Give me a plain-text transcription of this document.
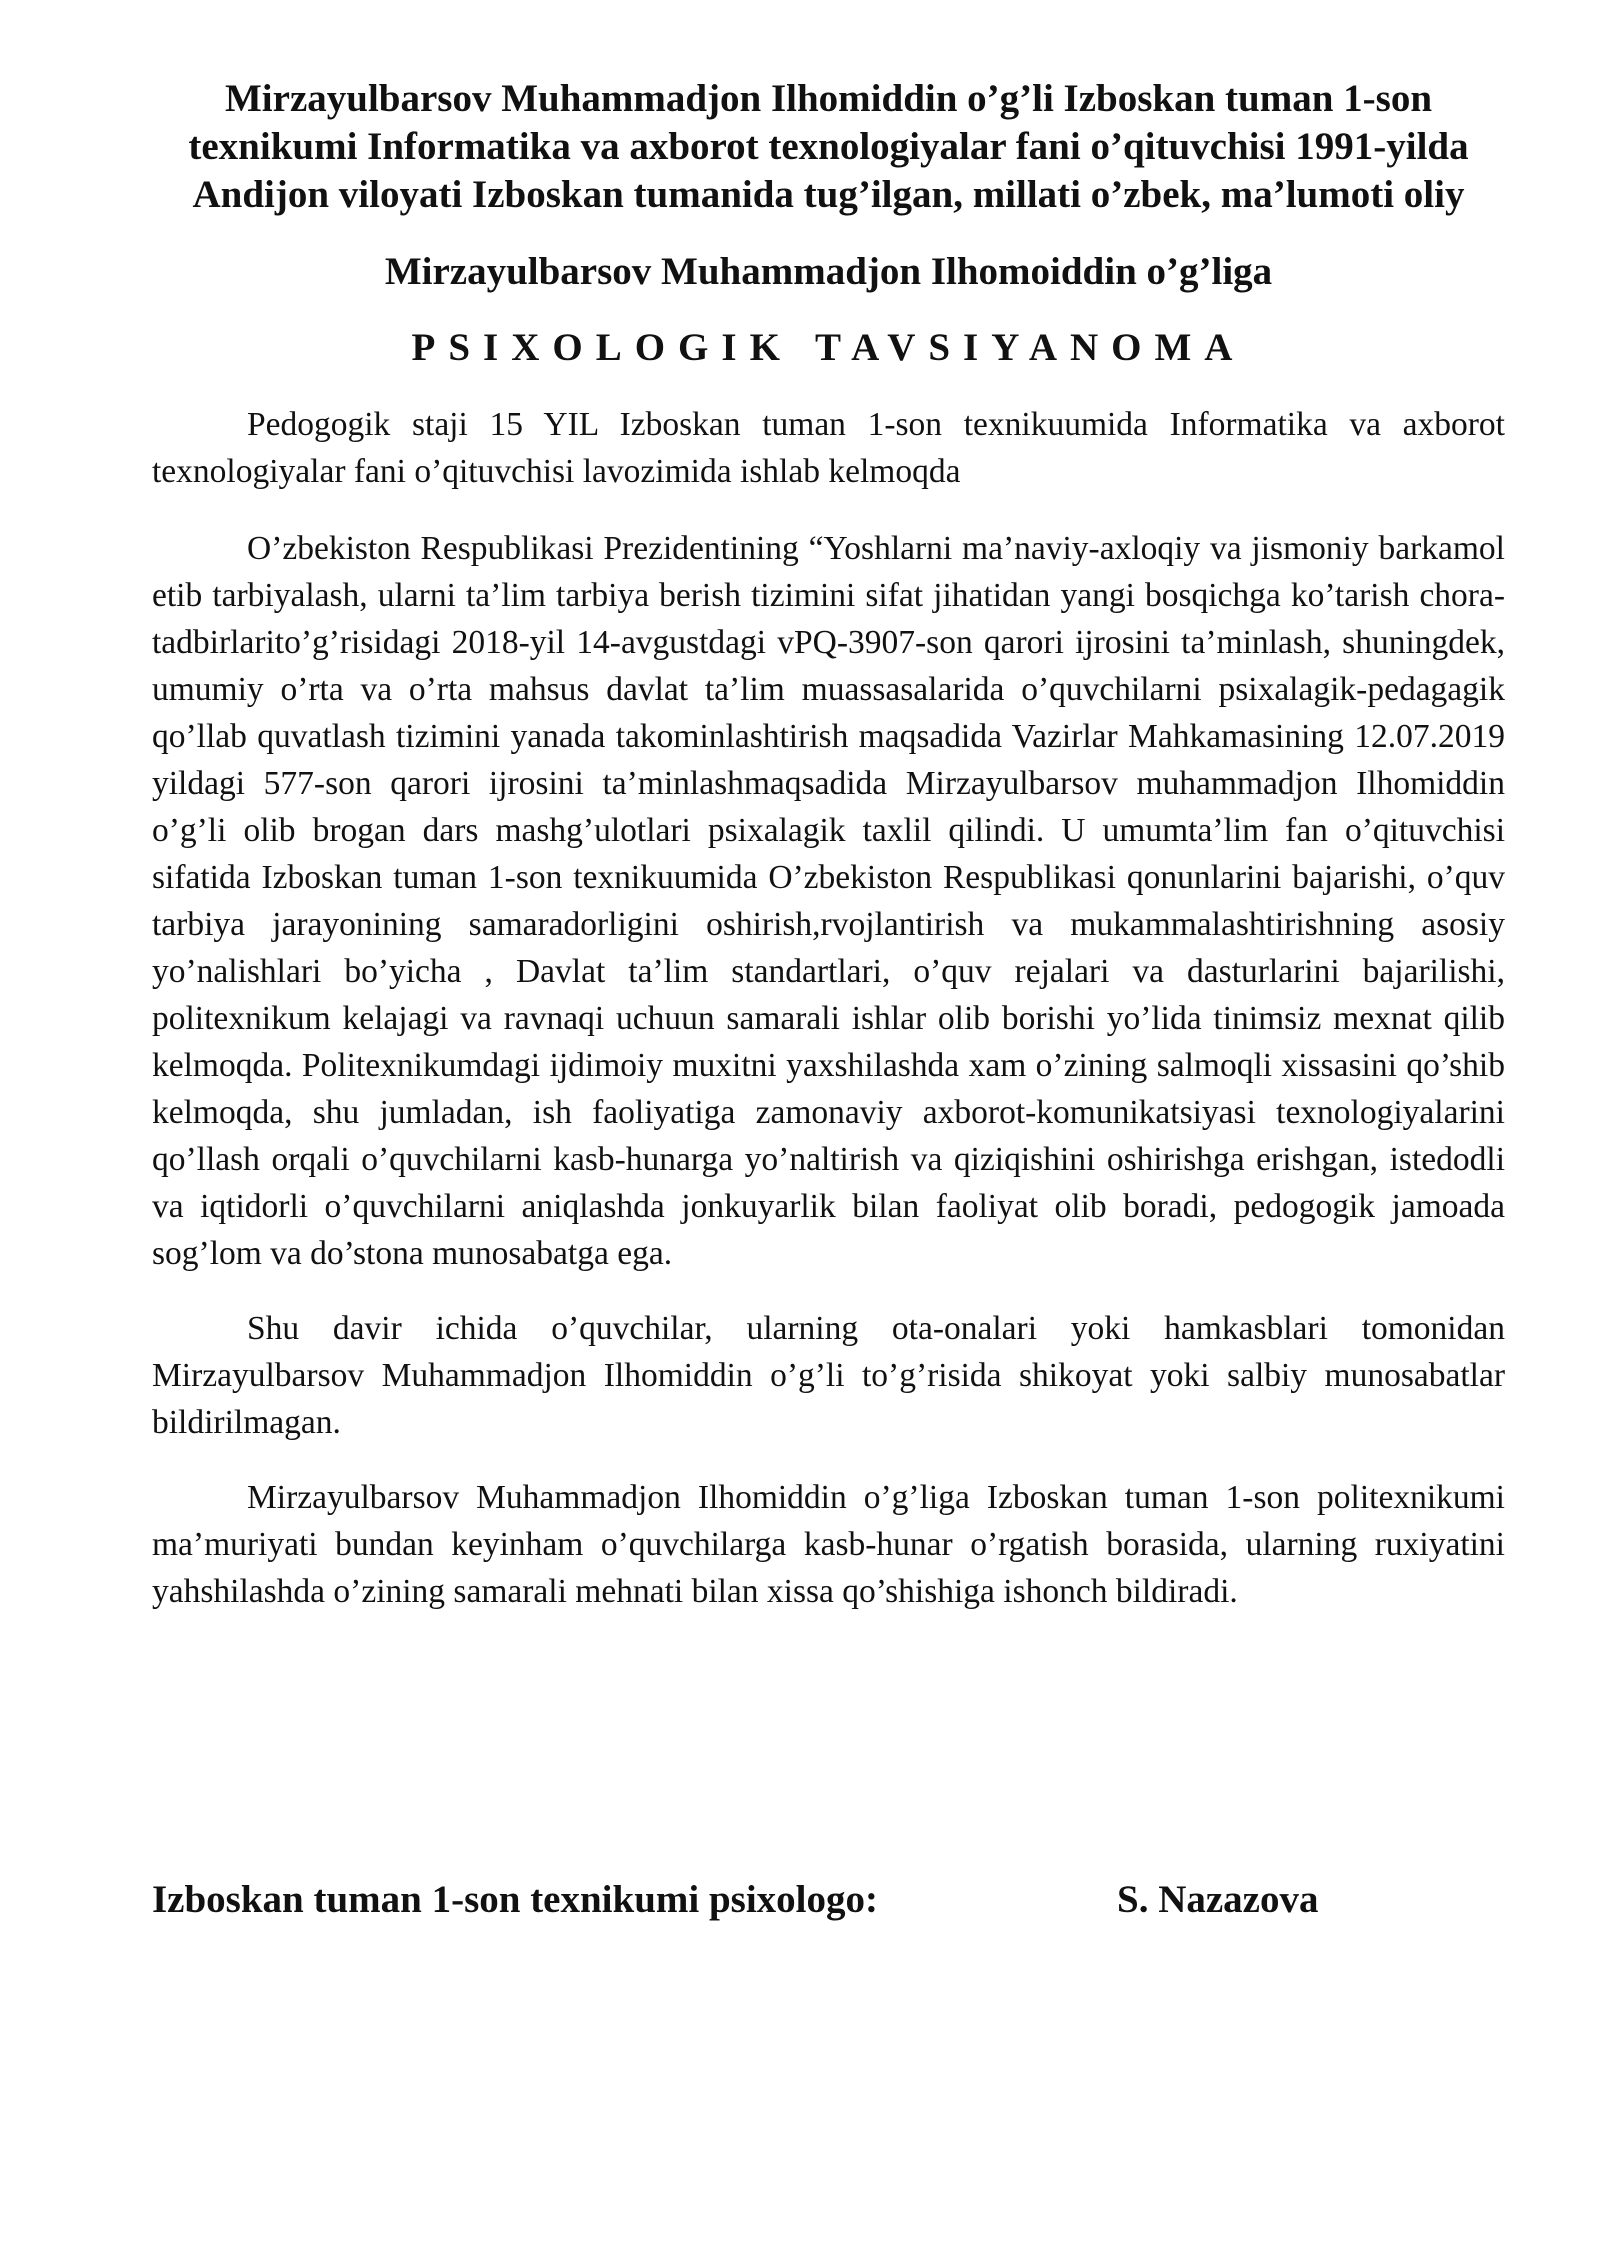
Mirzayulbarsov Muhammadjon Ilhomiddin o’g’li Izboskan tuman 1-son texnikumi Informatika va axborot texnologiyalar fani o’qituvchisi 1991-yilda Andijon viloyati Izboskan tumanida tug’ilgan, millati o’zbek, ma’lumoti oliy
Mirzayulbarsov Muhammadjon Ilhomoiddin o’g’liga
PSIXOLOGIK TAVSIYANOMA

Pedogogik staji 15 YIL Izboskan tuman 1-son texnikuumida Informatika va axborot texnologiyalar fani o’qituvchisi lavozimida ishlab kelmoqda

O’zbekiston Respublikasi Prezidentining “Yoshlarni ma’naviy-axloqiy va jismoniy barkamol etib tarbiyalash, ularni ta’lim tarbiya berish tizimini sifat jihatidan yangi bosqichga ko’tarish chora-tadbirlarito’g’risidagi 2018-yil 14-avgustdagi vPQ-3907-son qarori ijrosini ta’minlash, shuningdek, umumiy o’rta va o’rta mahsus davlat ta’lim muassasalarida o’quvchilarni psixalagik-pedagagik qo’llab quvatlash tizimini yanada takominlashtirish maqsadida Vazirlar Mahkamasining 12.07.2019 yildagi 577-son qarori ijrosini ta’minlashmaqsadida Mirzayulbarsov muhammadjon Ilhomiddin o’g’li olib brogan dars mashg’ulotlari psixalagik taxlil qilindi. U umumta’lim fan o’qituvchisi sifatida Izboskan tuman 1-son texnikuumida O’zbekiston Respublikasi qonunlarini bajarishi, o’quv tarbiya jarayonining samaradorligini oshirish,rvojlantirish va mukammalashtirishning asosiy yo’nalishlari bo’yicha , Davlat ta’lim standartlari, o’quv rejalari va dasturlarini bajarilishi, politexnikum kelajagi va ravnaqi uchuun samarali ishlar olib borishi yo’lida tinimsiz mexnat qilib kelmoqda. Politexnikumdagi ijdimoiy muxitni yaxshilashda xam o’zining salmoqli xissasini qo’shib kelmoqda, shu jumladan, ish faoliyatiga zamonaviy axborot-komunikatsiyasi texnologiyalarini qo’llash orqali o’quvchilarni kasb-hunarga yo’naltirish va qiziqishini oshirishga erishgan, istedodli va iqtidorli o’quvchilarni aniqlashda jonkuyarlik bilan faoliyat olib boradi, pedogogik jamoada sog’lom va do’stona munosabatga ega.

Shu davir ichida o’quvchilar, ularning ota-onalari yoki hamkasblari tomonidan Mirzayulbarsov Muhammadjon Ilhomiddin o’g’li to’g’risida shikoyat yoki salbiy munosabatlar bildirilmagan.

Mirzayulbarsov Muhammadjon Ilhomiddin o’g’liga Izboskan tuman 1-son politexnikumi ma’muriyati bundan keyinham o’quvchilarga kasb-hunar o’rgatish borasida, ularning ruxiyatini yahshilashda o’zining samarali mehnati bilan xissa qo’shishiga ishonch bildiradi.

Izboskan tuman 1-son texnikumi psixologo:	S. Nazazova
